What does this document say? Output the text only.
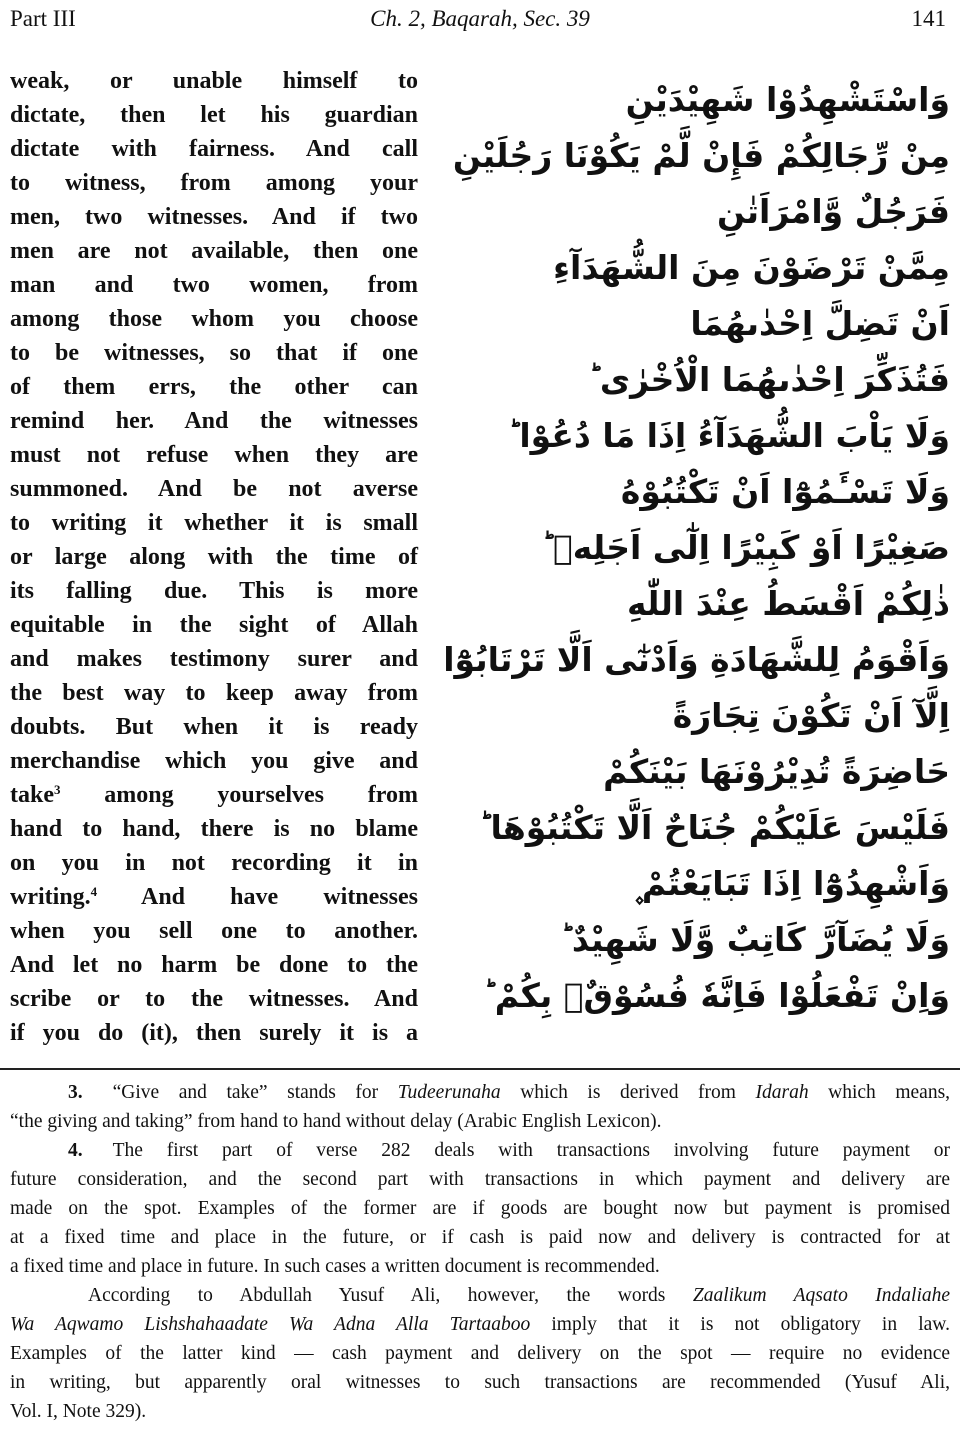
Part III	Ch. 2, Baqarah, Sec. 39	141
weak, or unable himself to
dictate, then let his guardian
dictate with fairness. And call
to witness, from among your
men, two witnesses. And if two
men are not available, then one
man and two women, from
among those whom you choose
to be witnesses, so that if one
of them errs, the other can
remind her. And the witnesses
must not refuse when they are
summoned. And be not averse
to writing it whether it is small
or large along with the time of
its falling due. This is more
equitable in the sight of Allah
and makes testimony surer and
the best way to keep away from
doubts. But when it is ready
merchandise which you give and
take$^3$ among yourselves from
hand to hand, there is no blame
on you in not recording it in
writing.$^4$ And have witnesses
when you sell one to another.
And let no harm be done to the
scribe or to the witnesses. And
if you do (it), then surely it is a
وَاسْتَشْهِدُوْا شَهِيْدَيْنِ
مِنْ رِّجَالِكُمْ فَإِنْ لَّمْ يَكُوْنَا رَجُلَيْنِ
فَرَجُلٌ وَّامْرَاَتٰنِ
مِمَّنْ تَرْضَوْنَ مِنَ الشُّهَدَآءِ
اَنْ تَضِلَّ اِحْدٰىهُمَا
فَتُذَكِّرَ اِحْدٰىهُمَا الْاُخْرٰى ؕ
وَلَا يَاْبَ الشُّهَدَآءُ اِذَا مَا دُعُوْا ؕ
وَلَا تَسْـَٔمُوْٓا اَنْ تَكْتُبُوْهُ
صَغِيْرًا اَوْ كَبِيْرًا اِلٰٓى اَجَلِهٖ ؕ
ذٰلِكُمْ اَقْسَطُ عِنْدَ اللّٰهِ
وَاَقْوَمُ لِلشَّهَادَةِ وَاَدْنٰٓى اَلَّا تَرْتَابُوْٓا
اِلَّآ اَنْ تَكُوْنَ تِجَارَةً
حَاضِرَةً تُدِيْرُوْنَهَا بَيْنَكُمْ
فَلَيْسَ عَلَيْكُمْ جُنَاحٌ اَلَّا تَكْتُبُوْهَا ؕ
وَاَشْهِدُوْٓا اِذَا تَبَايَعْتُمْ ۪
وَلَا يُضَآرَّ كَاتِبٌ وَّلَا شَهِيْدٌ ؕ
وَاِنْ تَفْعَلُوْا فَاِنَّهٗ فُسُوْقٌۢ بِكُمْ ؕ
3. “Give and take” stands for Tudeerunaha which is derived from Idarah which means,
“the giving and taking” from hand to hand without delay (Arabic English Lexicon).
4. The first part of verse 282 deals with transactions involving future payment or
future consideration, and the second part with transactions in which payment and delivery are
made on the spot. Examples of the former are if goods are bought now but payment is promised
at a fixed time and place in the future, or if cash is paid now and delivery is contracted for at
a fixed time and place in future. In such cases a written document is recommended.
According to Abdullah Yusuf Ali, however, the words Zaalikum Aqsato Indaliahe
Wa Aqwamo Lishshahaadate Wa Adna Alla Tartaaboo imply that it is not obligatory in law.
Examples of the latter kind — cash payment and delivery on the spot — require no evidence
in writing, but apparently oral witnesses to such transactions are recommended (Yusuf Ali,
Vol. I, Note 329).
